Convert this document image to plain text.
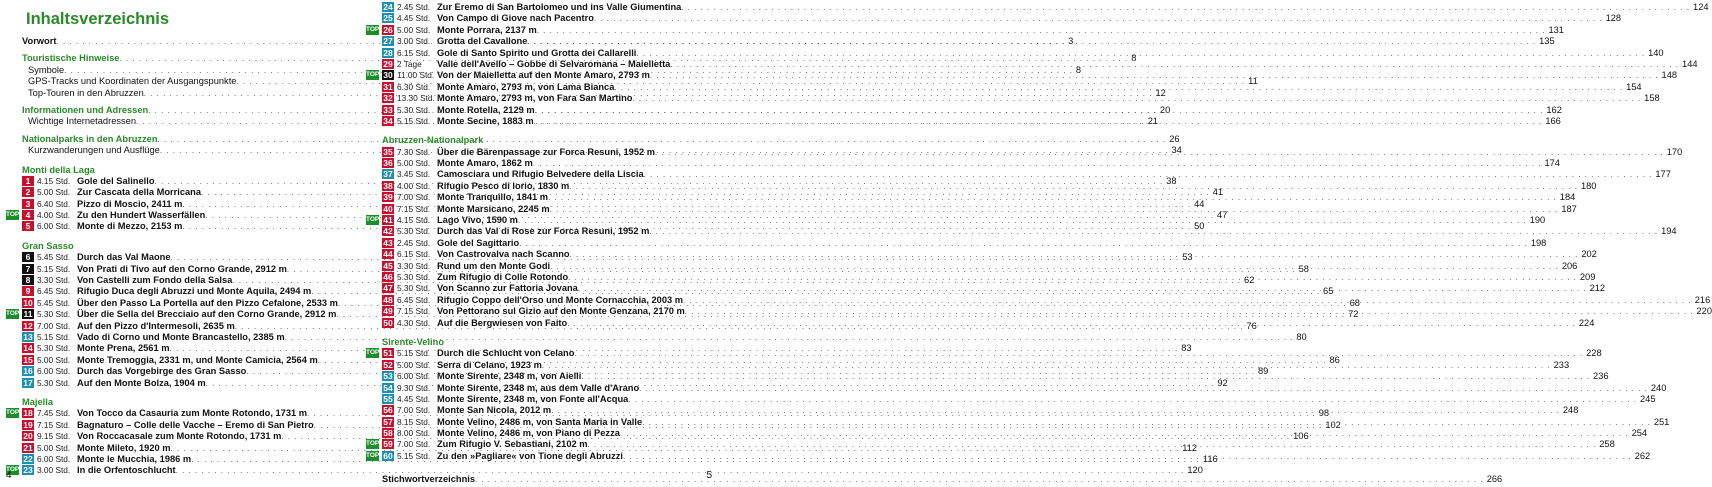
Inhaltsverzeichnis
Vorwort . . .	3
Touristische Hinweise . . .	8
Symbole . . .	8
GPS-Tracks und Koordinaten der Ausgangspunkte . . .	11
Top-Touren in den Abruzzen . . .	12
Informationen und Adressen . . .	20
Wichtige Internetadressen . . .	21
Nationalparks in den Abruzzen . . .	26
Kurzwanderungen und Ausflüge . . .	34
Monti della Laga
1 4.15 Std. Gole del Salinello . . .	38
2 5.00 Std. Zur Cascata della Morricana . . .	41
3 6.40 Std. Pizzo di Moscio, 2411 m . . .	44
TOP 4 4.00 Std. Zu den Hundert Wasserfällen . . .	47
5 6.00 Std. Monte di Mezzo, 2153 m . . .	50
Gran Sasso
6 5.45 Std. Durch das Val Maone . . .	53
7 5.15 Std. Von Prati di Tivo auf den Corno Grande, 2912 m . . .	58
8 3.30 Std. Von Castelli zum Fondo della Salsa . . .	62
9 6.45 Std. Rifugio Duca degli Abruzzi und Monte Aquila, 2494 m . . .	65
10 5.45 Std. Über den Passo La Portella auf den Pizzo Cefalone, 2533 m . . .	68
TOP 11 5.30 Std. Über die Sella del Brecciaio auf den Corno Grande, 2912 m . . .	72
12 7.00 Std. Auf den Pizzo d'Intermesoli, 2635 m . . .	76
13 5.15 Std. Vado di Corno und Monte Brancastello, 2385 m . . .	80
14 5.30 Std. Monte Prena, 2561 m . . .	83
15 5.00 Std. Monte Tremoggia, 2331 m, und Monte Camicia, 2564 m . . .	86
16 6.00 Std. Durch das Vorgebirge des Gran Sasso . . .	89
17 5.30 Std. Auf den Monte Bolza, 1904 m . . .	92
Majella
TOP 18 7.45 Std. Von Tocco da Casauria zum Monte Rotondo, 1731 m . . .	98
19 7.15 Std. Bagnaturo – Colle delle Vacche – Eremo di San Pietro . . .	102
20 9.15 Std. Von Roccacasale zum Monte Rotondo, 1731 m . . .	106
21 5.00 Std. Monte Mileto, 1920 m . . .	112
22 6.00 Std. Monte le Mucchia, 1986 m . . .	116
TOP 23 3.00 Std. In die Orfentoschlucht . . .	120
4
24 2.45 Std. Zur Eremo di San Bartolomeo und ins Valle Giumentina . . .	124
25 4.45 Std. Von Campo di Giove nach Pacentro . . .	128
TOP 26 5.00 Std. Monte Porrara, 2137 m . . .	131
27 3.00 Std. Grotta del Cavallone . . .	135
28 6.15 Std. Gole di Santo Spirito und Grotta dei Callarelli . . .	140
29 2 Tage	Valle dell'Avello – Gobbe di Selvaromana – Maielletta . . .	144
TOP 30 11.00 Std. Von der Maielletta auf den Monte Amaro, 2793 m . . .	148
31 6.30 Std. Monte Amaro, 2793 m, von Lama Bianca . . .	154
32 13.30 Std. Monte Amaro, 2793 m, von Fara San Martino . . .	158
33 5.30 Std. Monte Rotella, 2129 m . . .	162
34 5.15 Std. Monte Secine, 1883 m . . .	166
Abruzzen-Nationalpark
35 7.30 Std. Über die Bärenpassage zur Forca Resuni, 1952 m . . .	170
36 5.00 Std. Monte Amaro, 1862 m . . .	174
37 3.45 Std. Camosciara und Rifugio Belvedere della Liscia . . .	177
38 4.00 Std. Rifugio Pesco di Iorio, 1830 m . . .	180
39 7.00 Std. Monte Tranquillo, 1841 m . . .	184
40 7.15 Std. Monte Marsicano, 2245 m . . .	187
TOP 41 4.15 Std. Lago Vivo, 1590 m . . .	190
42 5.30 Std. Durch das Val di Rose zur Forca Resuni, 1952 m . . .	194
43 2.45 Std. Gole del Sagittario . . .	198
44 6.15 Std. Von Castrovalva nach Scanno . . .	202
45 3.30 Std. Rund um den Monte Godi . . .	206
46 5.30 Std. Zum Rifugio di Colle Rotondo . . .	209
47 5.30 Std. Von Scanno zur Fattoria Jovana . . .	212
48 6.45 Std. Rifugio Coppo dell'Orso und Monte Cornacchia, 2003 m . . .	216
49 7.15 Std. Von Pettorano sul Gizio auf den Monte Genzana, 2170 m . . .	220
50 4.30 Std. Auf die Bergwiesen von Faito . . .	224
Sirente-Velino
TOP 51 5.15 Std. Durch die Schlucht von Celano . . .	228
52 5.00 Std. Serra di Celano, 1923 m . . .	233
53 6.00 Std. Monte Sirente, 2348 m, von Aielli . . .	236
54 9.30 Std. Monte Sirente, 2348 m, aus dem Valle d'Arano . . .	240
55 4.45 Std. Monte Sirente, 2348 m, von Fonte all'Acqua . . .	245
56 7.00 Std. Monte San Nicola, 2012 m . . .	248
57 8.15 Std. Monte Velino, 2486 m, von Santa Maria in Valle . . .	251
58 8.00 Std. Monte Velino, 2486 m, von Piano di Pezza . . .	254
TOP 59 7.00 Std. Zum Rifugio V. Sebastiani, 2102 m . . .	258
TOP 60 5.15 Std. Zu den »Pagliare« von Tione degli Abruzzi . . .	262
Stichwortverzeichnis . . .	266
5
